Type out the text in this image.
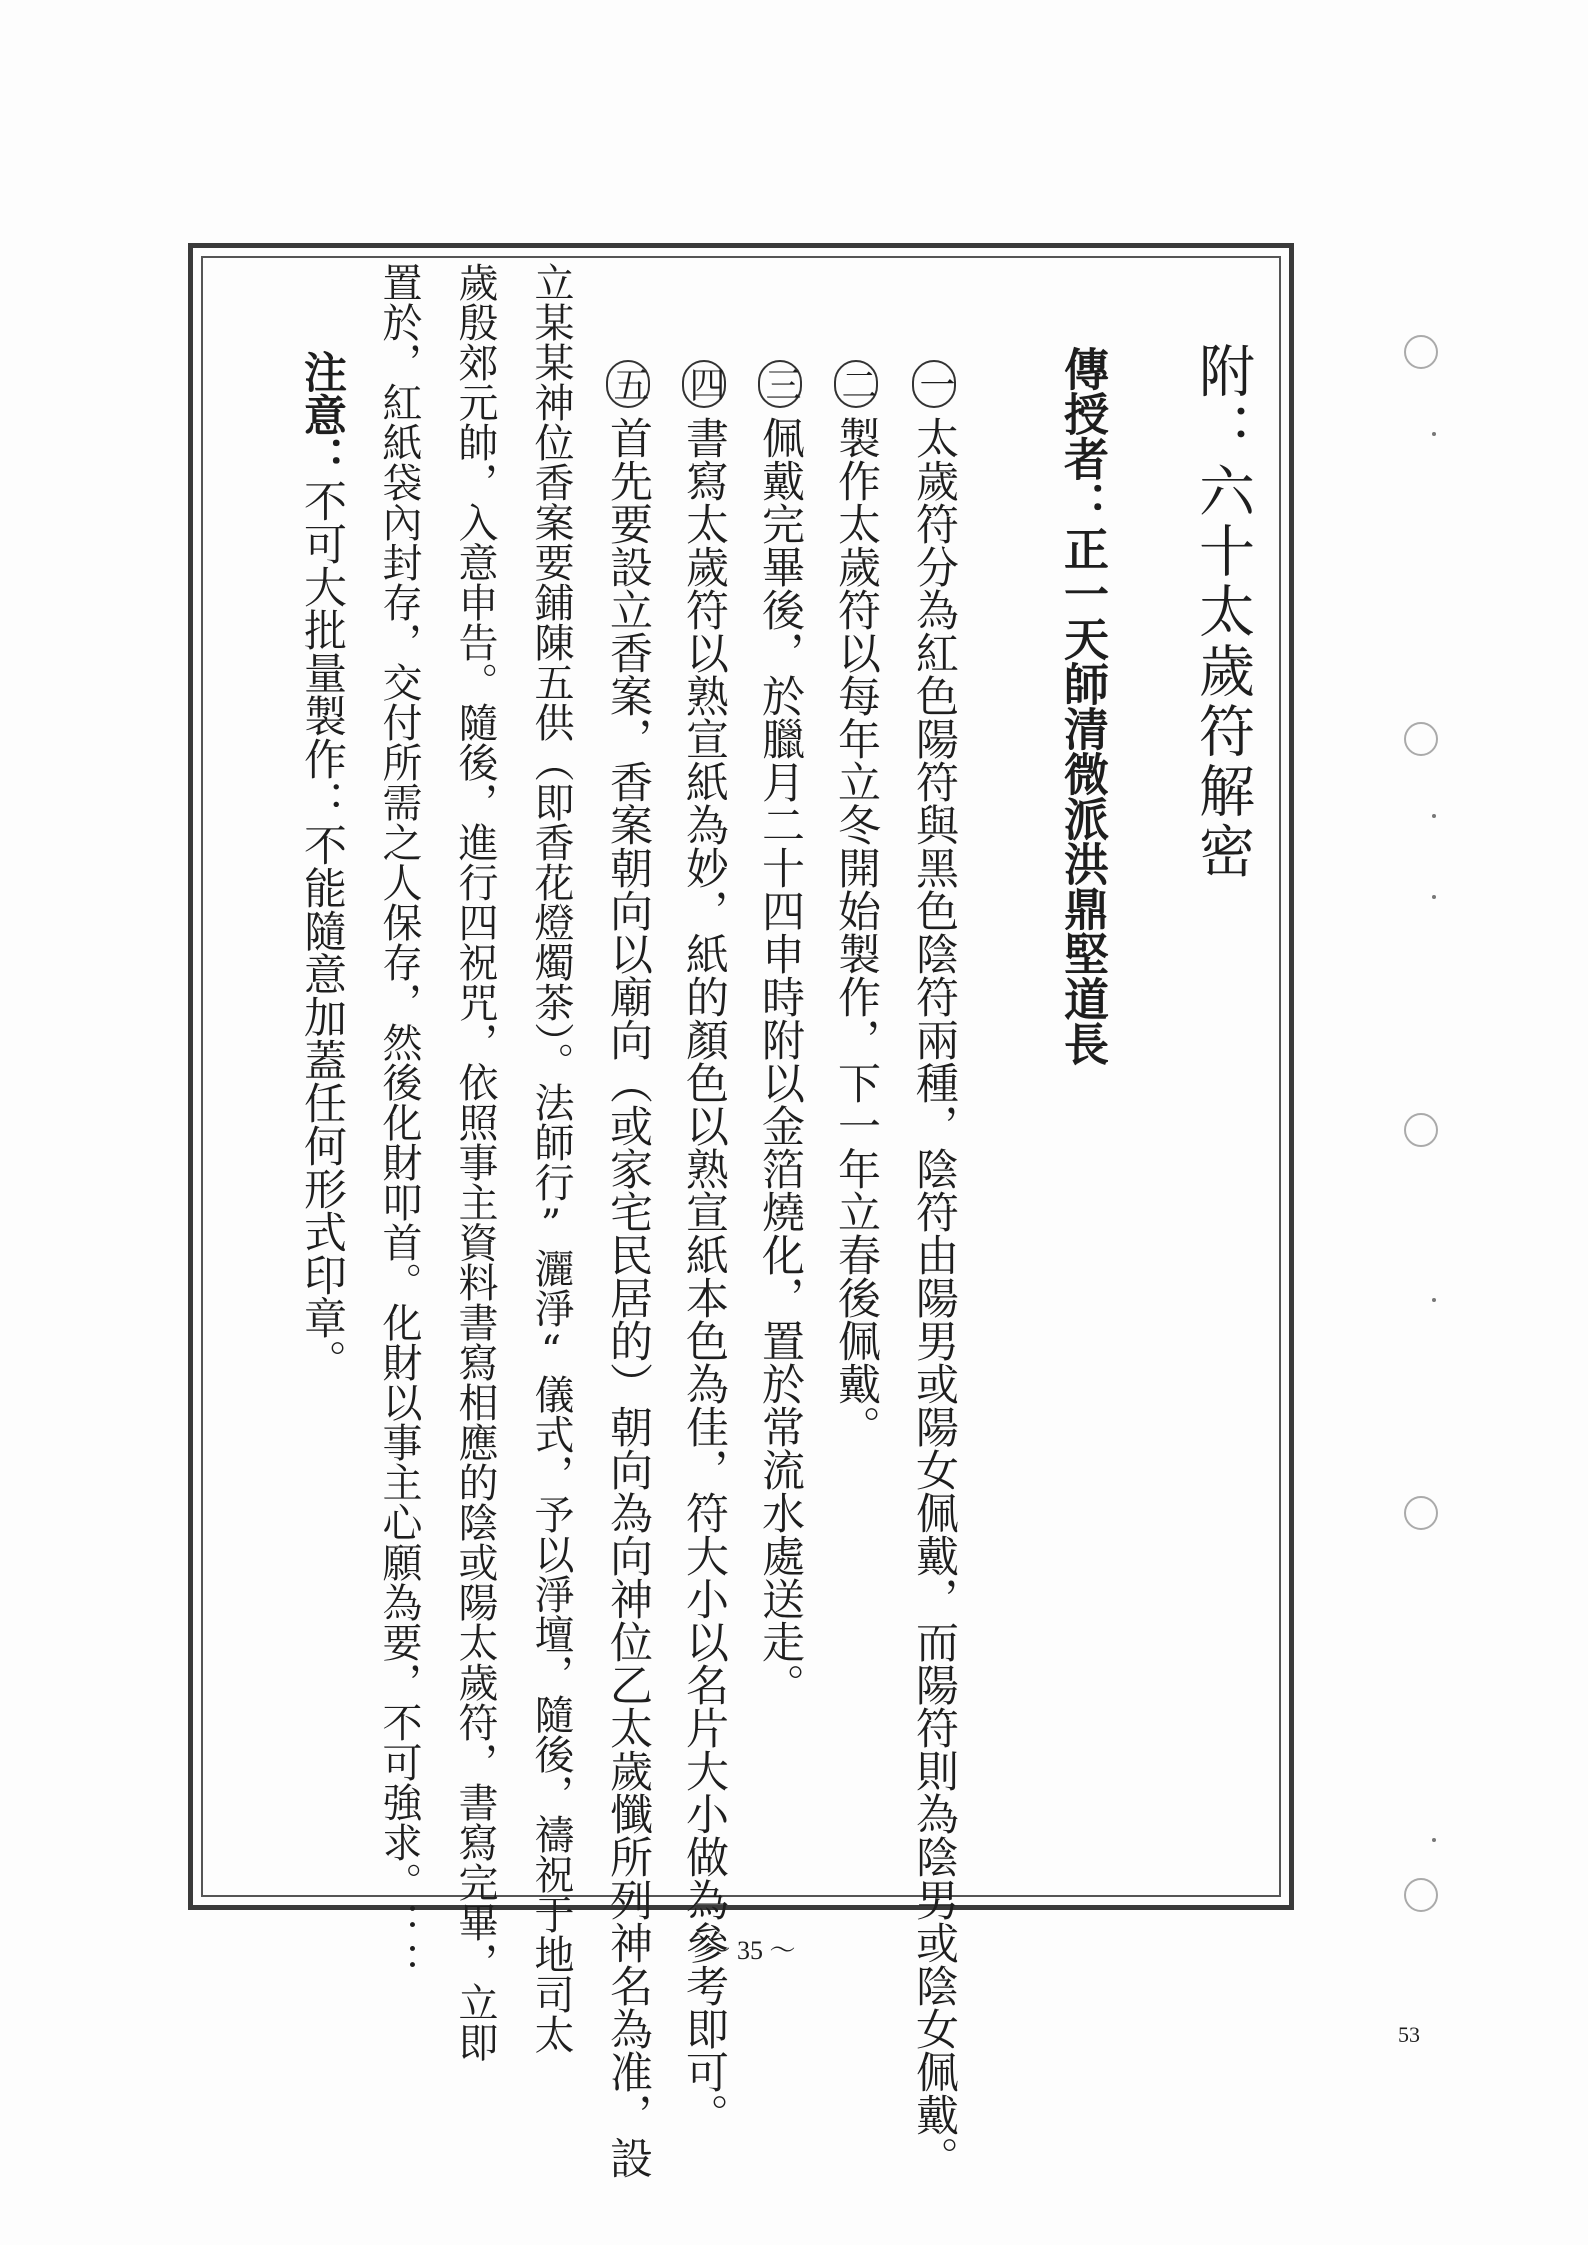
附：六十太歲符解密
傳授者：正一天師清微派洪鼎堅道長
一太歲符分為紅色陽符與黑色陰符兩種，陰符由陽男或陽女佩戴，而陽符則為陰男或陰女佩戴。
二製作太歲符以每年立冬開始製作，下一年立春後佩戴。
三佩戴完畢後，於臘月二十四申時附以金箔燒化，置於常流水處送走。
四書寫太歲符以熟宣紙為妙，紙的顏色以熟宣紙本色為佳，符大小以名片大小做為參考即可。
五首先要設立香案，香案朝向以廟向（或家宅民居的）朝向為向神位乙太歲懺所列神名為准，設
立某某神位香案要鋪陳五供（即香花燈燭茶）。法師行”灑淨“儀式，予以淨壇，隨後，禱祝于地司太
歲殷郊元帥，入意申告。隨後，進行四祝咒，依照事主資料書寫相應的陰或陽太歲符，書寫完畢，立即
置於，紅紙袋內封存，交付所需之人保存，然後化財叩首。化財以事主心願為要，不可強求。：：
注意：不可大批量製作：不能隨意加蓋任何形式印章。
～ 35 ～
53
